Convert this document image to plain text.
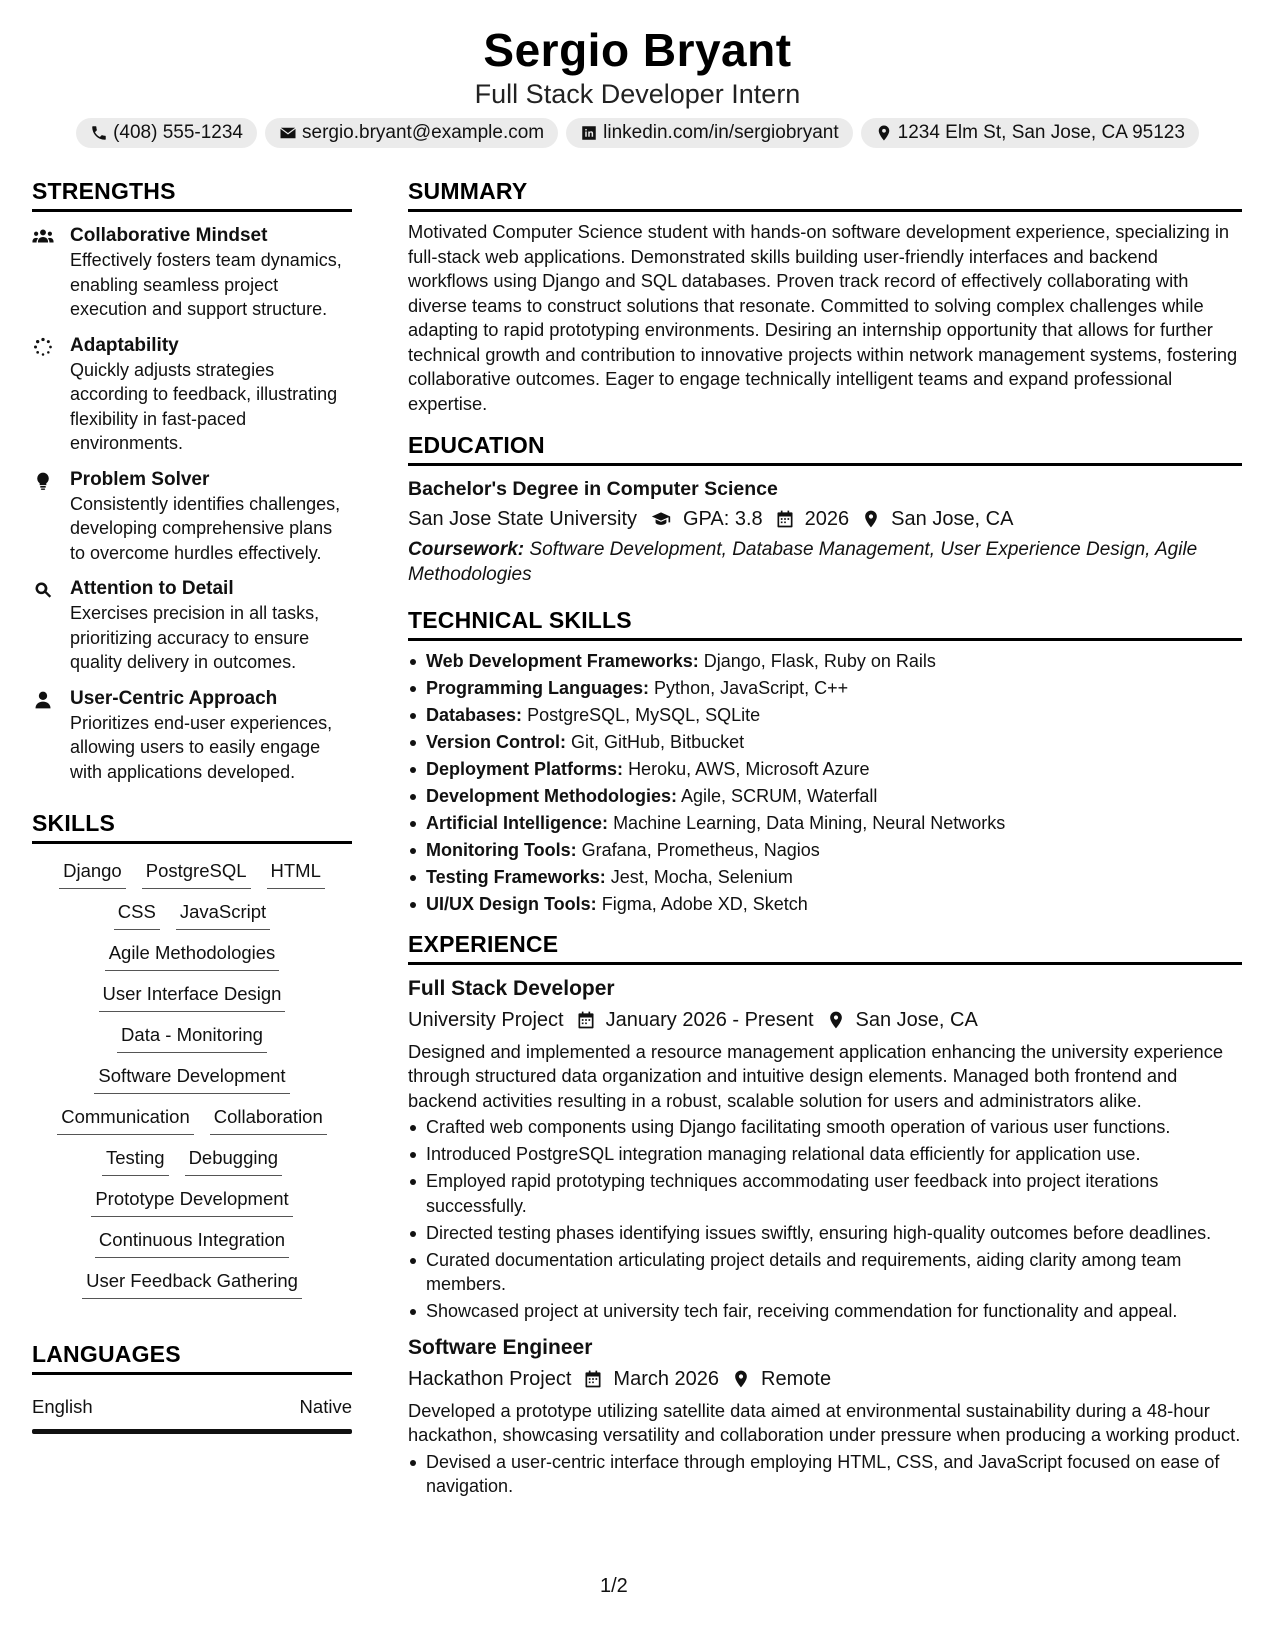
Sergio Bryant
Full Stack Developer Intern
(408) 555-1234	sergio.bryant@example.com	linkedin.com/in/sergiobryant	1234 Elm St, San Jose, CA 95123
STRENGTHS
Collaborative Mindset
Effectively fosters team dynamics, enabling seamless project execution and support structure.
Adaptability
Quickly adjusts strategies according to feedback, illustrating flexibility in fast-paced environments.
Problem Solver
Consistently identifies challenges, developing comprehensive plans to overcome hurdles effectively.
Attention to Detail
Exercises precision in all tasks, prioritizing accuracy to ensure quality delivery in outcomes.
User-Centric Approach
Prioritizes end-user experiences, allowing users to easily engage with applications developed.
SKILLS
Django PostgreSQL HTML
CSS JavaScript
Agile Methodologies
User Interface Design
Data - Monitoring
Software Development
Communication Collaboration
Testing Debugging
Prototype Development
Continuous Integration
User Feedback Gathering
LANGUAGES
English	Native
SUMMARY
Motivated Computer Science student with hands-on software development experience, specializing in full-stack web applications. Demonstrated skills building user-friendly interfaces and backend workflows using Django and SQL databases. Proven track record of effectively collaborating with diverse teams to construct solutions that resonate. Committed to solving complex challenges while adapting to rapid prototyping environments. Desiring an internship opportunity that allows for further technical growth and contribution to innovative projects within network management systems, fostering collaborative outcomes. Eager to engage technically intelligent teams and expand professional expertise.
EDUCATION
Bachelor's Degree in Computer Science
San Jose State University GPA: 3.8 2026 San Jose, CA
Coursework: Software Development, Database Management, User Experience Design, Agile Methodologies
TECHNICAL SKILLS
Web Development Frameworks: Django, Flask, Ruby on Rails
Programming Languages: Python, JavaScript, C++
Databases: PostgreSQL, MySQL, SQLite
Version Control: Git, GitHub, Bitbucket
Deployment Platforms: Heroku, AWS, Microsoft Azure
Development Methodologies: Agile, SCRUM, Waterfall
Artificial Intelligence: Machine Learning, Data Mining, Neural Networks
Monitoring Tools: Grafana, Prometheus, Nagios
Testing Frameworks: Jest, Mocha, Selenium
UI/UX Design Tools: Figma, Adobe XD, Sketch
EXPERIENCE
Full Stack Developer
University Project January 2026 - Present San Jose, CA
Designed and implemented a resource management application enhancing the university experience through structured data organization and intuitive design elements. Managed both frontend and backend activities resulting in a robust, scalable solution for users and administrators alike.
Crafted web components using Django facilitating smooth operation of various user functions.
Introduced PostgreSQL integration managing relational data efficiently for application use.
Employed rapid prototyping techniques accommodating user feedback into project iterations successfully.
Directed testing phases identifying issues swiftly, ensuring high-quality outcomes before deadlines.
Curated documentation articulating project details and requirements, aiding clarity among team members.
Showcased project at university tech fair, receiving commendation for functionality and appeal.
Software Engineer
Hackathon Project March 2026 Remote
Developed a prototype utilizing satellite data aimed at environmental sustainability during a 48-hour hackathon, showcasing versatility and collaboration under pressure when producing a working product.
Devised a user-centric interface through employing HTML, CSS, and JavaScript focused on ease of navigation.
1/2
